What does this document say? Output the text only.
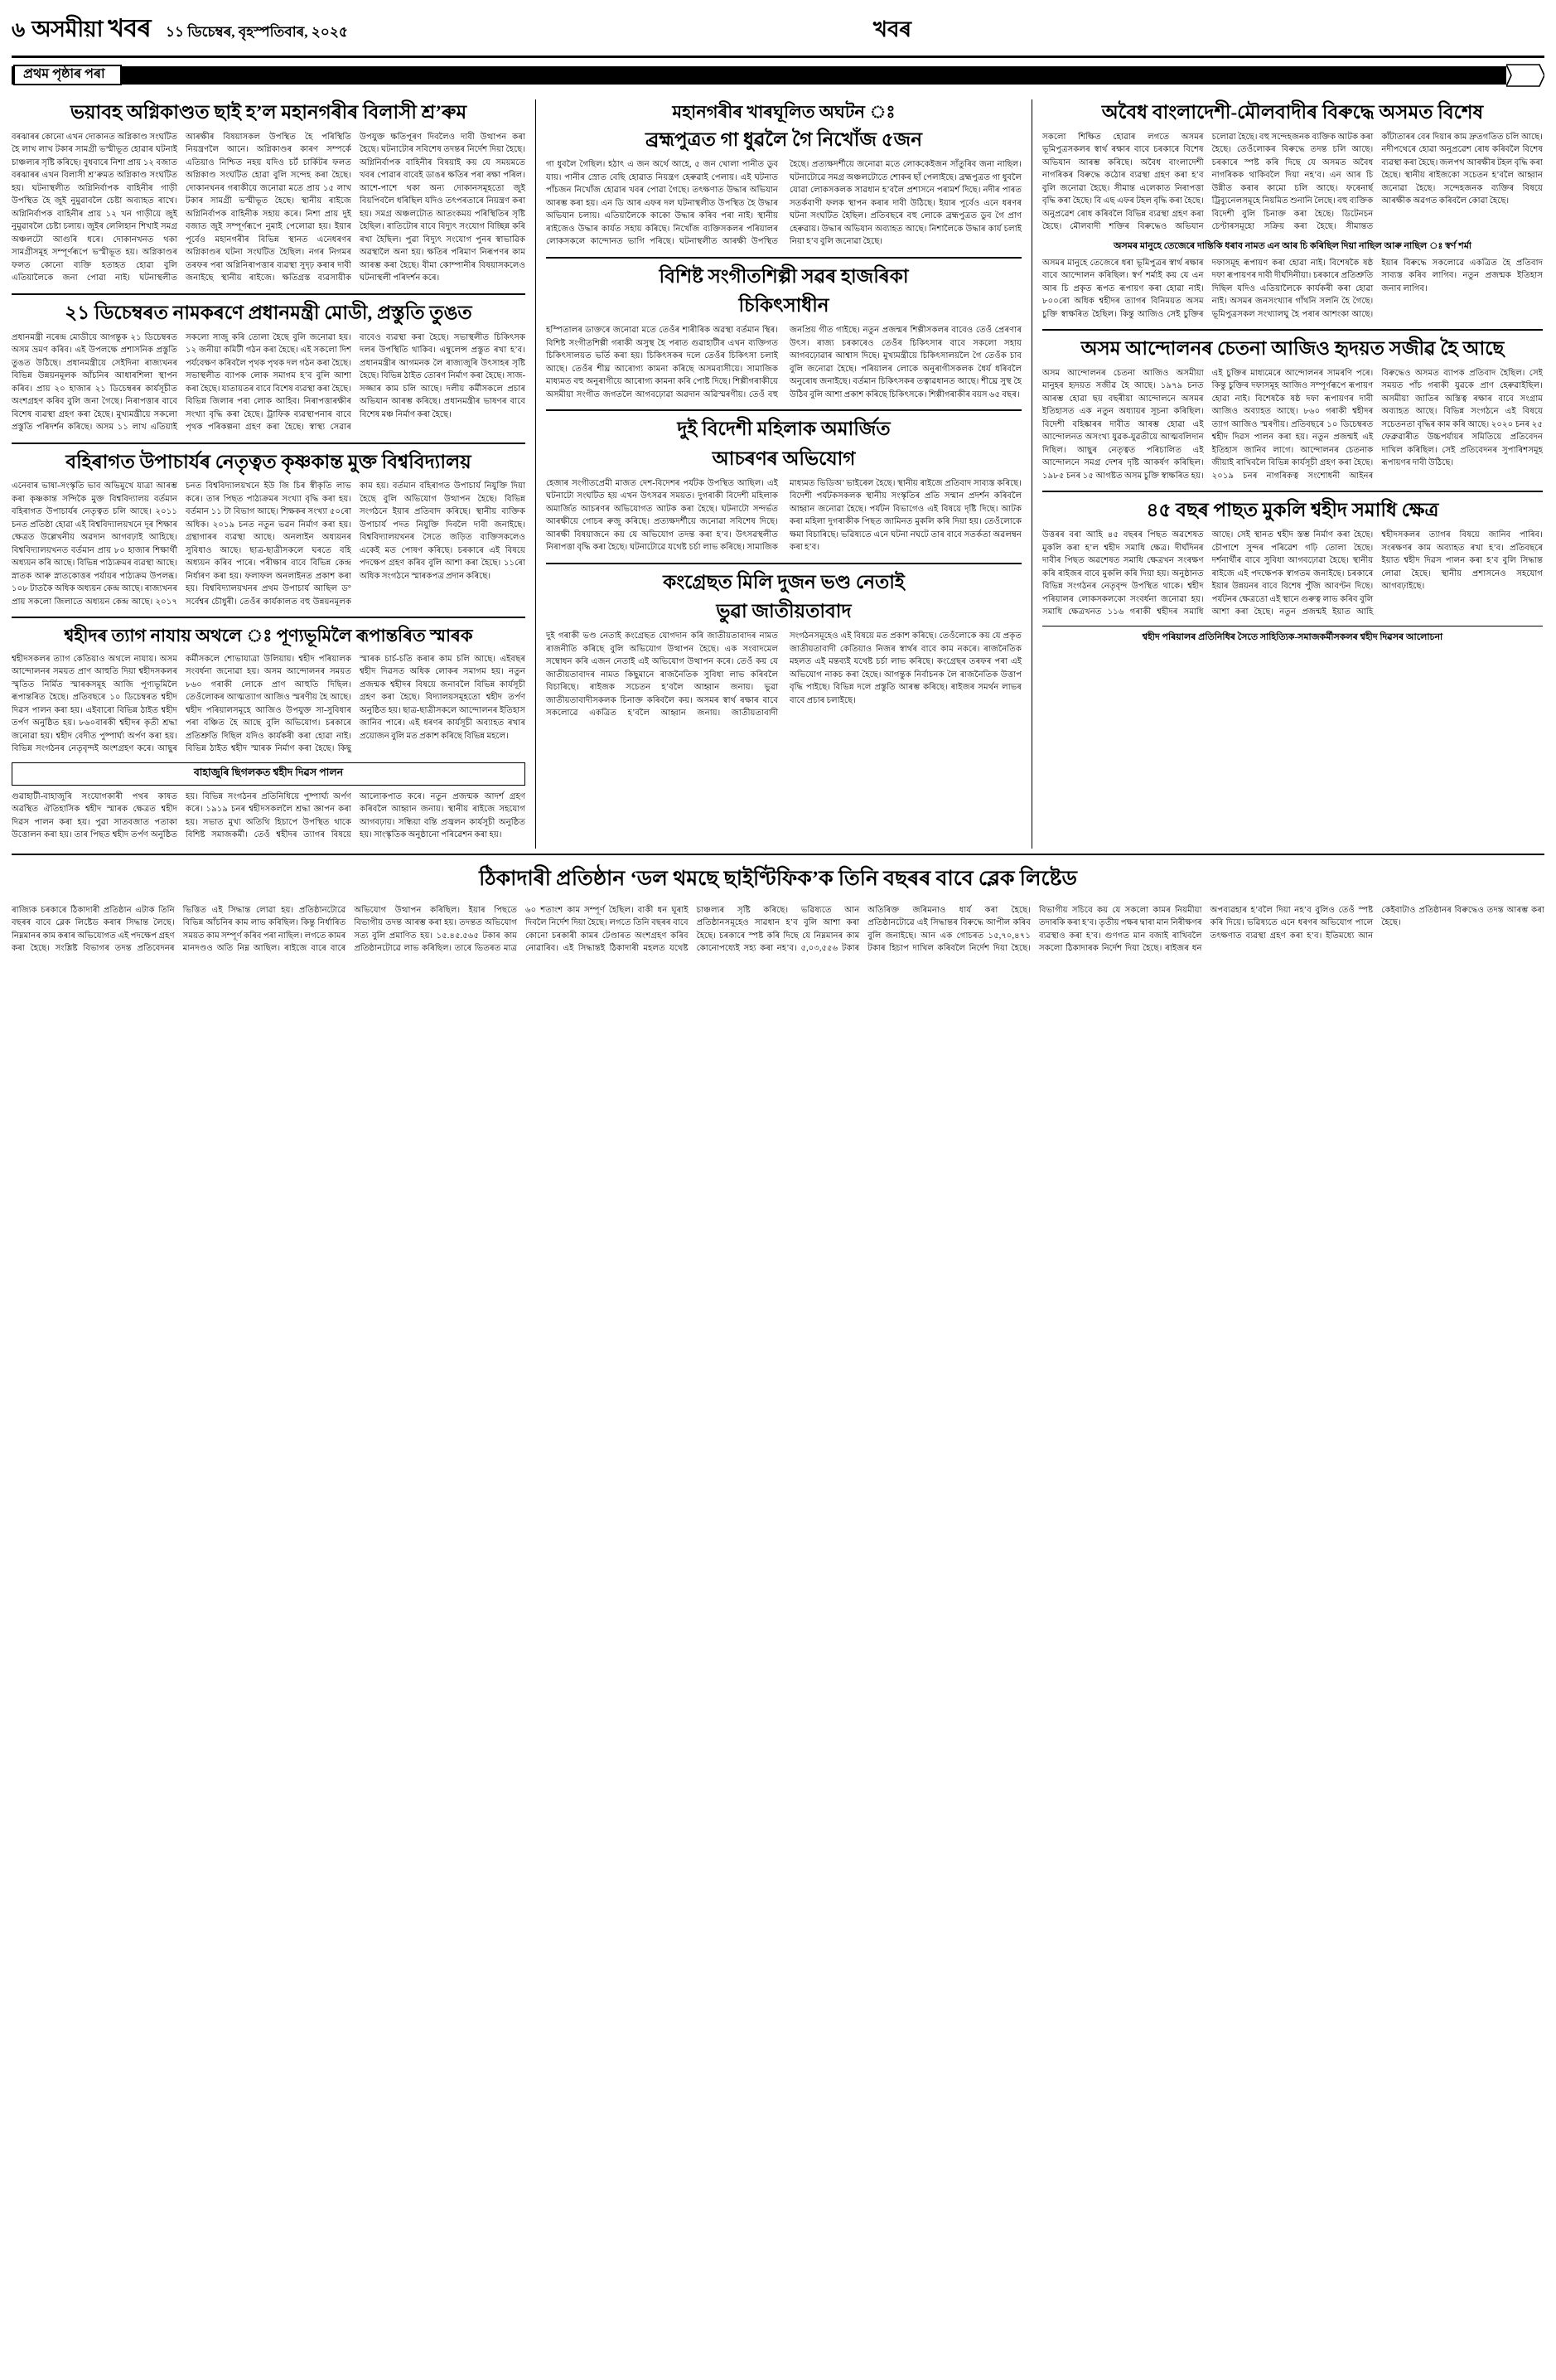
৬ অসমীয়া খবৰ ১১ ডিচেম্বৰ, বৃহস্পতিবাৰ, ২০২৫	খবৰ
প্ৰথম পৃষ্ঠাৰ পৰা
ভয়াবহ অগ্নিকাণ্ডত ছাই হ’ল মহানগৰীৰ বিলাসী শ্ৰ’ৰুম
বৰঝাৰৰ কোনো এখন দোকানত অগ্নিকাণ্ড সংঘটিত হৈ লাখ লাখ টকাৰ সামগ্ৰী ভস্মীভূত হোৱাৰ ঘটনাই চাঞ্চল্যৰ সৃষ্টি কৰিছে। বুধবাৰে নিশা প্ৰায় ১২ বজাত বৰঝাৰৰ এখন বিলাসী শ্ৰ’ৰুমত অগ্নিকাণ্ড সংঘটিত হয়। ঘটনাস্থলীত অগ্নিনিৰ্বাপক বাহিনীৰ গাড়ী উপস্থিত হৈ জুই নুমুৱাবলৈ চেষ্টা অব্যাহত ৰাখে। অগ্নিনিৰ্বাপক বাহিনীৰ প্ৰায় ১২ খন গাড়ীয়ে জুই নুমুৱাবলৈ চেষ্টা চলায়। জুইৰ লেলিহান শিখাই সমগ্ৰ অঞ্চলটো আগুৰি ধৰে। দোকানখনত থকা সামগ্ৰীসমূহ সম্পূৰ্ণৰূপে ভস্মীভূত হয়। অগ্নিকাণ্ডৰ ফলত কোনো ব্যক্তি হতাহত হোৱা বুলি এতিয়ালৈকে জনা পোৱা নাই। ঘটনাস্থলীত আৰক্ষীৰ বিষয়াসকল উপস্থিত হৈ পৰিস্থিতি নিয়ন্ত্ৰণলৈ আনে। অগ্নিকাণ্ডৰ কাৰণ সম্পৰ্কে এতিয়াও নিশ্চিত নহয় যদিও চৰ্ট চাৰ্কিটৰ ফলত অগ্নিকাণ্ড সংঘটিত হোৱা বুলি সন্দেহ কৰা হৈছে। দোকানখনৰ গৰাকীয়ে জনোৱা মতে প্ৰায় ১৫ লাখ টকাৰ সামগ্ৰী ভস্মীভূত হৈছে। স্থানীয় ৰাইজে অগ্নিনিৰ্বাপক বাহিনীক সহায় কৰে। নিশা প্ৰায় দুই বজাত জুই সম্পূৰ্ণৰূপে নুমাই পেলোৱা হয়। ইয়াৰ পূৰ্বেও মহানগৰীৰ বিভিন্ন স্থানত এনেধৰণৰ অগ্নিকাণ্ডৰ ঘটনা সংঘটিত হৈছিল। নগৰ নিগমৰ তৰফৰ পৰা অগ্নিনিৰাপত্তাৰ ব্যৱস্থা সুদৃঢ় কৰাৰ দাবী জনাইছে স্থানীয় ৰাইজে। ক্ষতিগ্ৰস্ত ব্যৱসায়ীক উপযুক্ত ক্ষতিপূৰণ দিবলৈও দাবী উত্থাপন কৰা হৈছে। ঘটনাটোৰ সবিশেষ তদন্তৰ নিৰ্দেশ দিয়া হৈছে। অগ্নিনিৰ্বাপক বাহিনীৰ বিষয়াই কয় যে সময়মতে খবৰ পোৱাৰ বাবেই ডাঙৰ ক্ষতিৰ পৰা ৰক্ষা পৰিল। আশে-পাশে থকা অন্য দোকানসমূহতো জুই বিয়পিবলৈ ধৰিছিল যদিও তৎপৰতাৰে নিয়ন্ত্ৰণ কৰা হয়। সমগ্ৰ অঞ্চলটোত আতংকময় পৰিস্থিতিৰ সৃষ্টি হৈছিল। ৰাতিটোৰ বাবে বিদ্যুৎ সংযোগ বিচ্ছিন্ন কৰি ৰখা হৈছিল। পুৱা বিদ্যুৎ সংযোগ পুনৰ স্বাভাৱিক অৱস্থালৈ অনা হয়। ক্ষতিৰ পৰিমাণ নিৰূপণৰ কাম আৰম্ভ কৰা হৈছে। বীমা কোম্পানীৰ বিষয়াসকলেও ঘটনাস্থলী পৰিদৰ্শন কৰে।
২১ ডিচেম্বৰত নামকৰণে প্ৰধানমন্ত্ৰী মোডী, প্ৰস্তুতি তুঙত
প্ৰধানমন্ত্ৰী নৰেন্দ্ৰ মোডীয়ে আগন্তুক ২১ ডিচেম্বৰত অসম ভ্ৰমণ কৰিব। এই উপলক্ষে প্ৰশাসনিক প্ৰস্তুতি তুঙত উঠিছে। প্ৰধানমন্ত্ৰীয়ে সেইদিনা ৰাজ্যখনৰ বিভিন্ন উন্নয়নমূলক আঁচনিৰ আধাৰশিলা স্থাপন কৰিব। প্ৰায় ২০ হাজাৰ ২১ ডিচেম্বৰৰ কাৰ্যসূচীত অংশগ্ৰহণ কৰিব বুলি জনা গৈছে। নিৰাপত্তাৰ বাবে বিশেষ ব্যৱস্থা গ্ৰহণ কৰা হৈছে। মুখ্যমন্ত্ৰীয়ে সকলো প্ৰস্তুতি পৰিদৰ্শন কৰিছে। অসম ১১ লাখ এতিয়াই সকলো সাজু কৰি তোলা হৈছে বুলি জনোৱা হয়। ১২ জনীয়া কমিটী গঠন কৰা হৈছে। এই সকলো দিশ পৰ্যবেক্ষণ কৰিবলৈ পৃথক পৃথক দল গঠন কৰা হৈছে। সভাস্থলীত ব্যাপক লোক সমাগম হ’ব বুলি আশা কৰা হৈছে। যাতায়তৰ বাবে বিশেষ ব্যৱস্থা কৰা হৈছে। বিভিন্ন জিলাৰ পৰা লোক আহিব। নিৰাপত্তাৰক্ষীৰ সংখ্যা বৃদ্ধি কৰা হৈছে। ট্ৰাফিক ব্যৱস্থাপনাৰ বাবে পৃথক পৰিকল্পনা গ্ৰহণ কৰা হৈছে। স্বাস্থ্য সেৱাৰ বাবেও ব্যৱস্থা কৰা হৈছে। সভাস্থলীত চিকিৎসক দলৰ উপস্থিতি থাকিব। এম্বুলেন্স প্ৰস্তুত ৰখা হ’ব। প্ৰধানমন্ত্ৰীৰ আগমনক লৈ ৰাজ্যজুৰি উৎসাহৰ সৃষ্টি হৈছে। বিভিন্ন ঠাইত তোৰণ নিৰ্মাণ কৰা হৈছে। সাজ-সজ্জাৰ কাম চলি আছে। দলীয় কৰ্মীসকলে প্ৰচাৰ অভিযান আৰম্ভ কৰিছে। প্ৰধানমন্ত্ৰীৰ ভাষণৰ বাবে বিশেষ মঞ্চ নিৰ্মাণ কৰা হৈছে।
বহিৰাগত উপাচাৰ্যৰ নেতৃত্বত কৃষ্ণকান্ত মুক্ত বিশ্ববিদ্যালয়
এনেবাৰ ভাষা-সংস্কৃতি ভাব অভিমুখে যাত্ৰা আৰম্ভ কৰা কৃষ্ণকান্ত সন্দিকৈ মুক্ত বিশ্ববিদ্যালয় বৰ্তমান বহিৰাগত উপাচাৰ্যৰ নেতৃত্বত চলি আছে। ২০১১ চনত প্ৰতিষ্ঠা হোৱা এই বিশ্ববিদ্যালয়খনে দূৰ শিক্ষাৰ ক্ষেত্ৰত উল্লেখনীয় অৱদান আগবঢ়াই আহিছে। বিশ্ববিদ্যালয়খনত বৰ্তমান প্ৰায় ৮০ হাজাৰ শিক্ষাৰ্থী অধ্যয়ন কৰি আছে। বিভিন্ন পাঠ্যক্ৰমৰ ব্যৱস্থা আছে। স্নাতক আৰু স্নাতকোত্তৰ পৰ্যায়ৰ পাঠ্যক্ৰম উপলব্ধ। ১০৮ টাতকৈ অধিক অধ্যয়ন কেন্দ্ৰ আছে। ৰাজ্যখনৰ প্ৰায় সকলো জিলাতে অধ্যয়ন কেন্দ্ৰ আছে। ২০১৭ চনত বিশ্ববিদ্যালয়খনে ইউ জি চিৰ স্বীকৃতি লাভ কৰে। তাৰ পিছত পাঠ্যক্ৰমৰ সংখ্যা বৃদ্ধি কৰা হয়। বৰ্তমান ১১ টা বিভাগ আছে। শিক্ষকৰ সংখ্যা ৫০ৰো অধিক। ২০১৯ চনত নতুন ভৱন নিৰ্মাণ কৰা হয়। গ্ৰন্থাগাৰৰ ব্যৱস্থা আছে। অনলাইন অধ্যয়নৰ সুবিধাও আছে। ছাত্ৰ-ছাত্ৰীসকলে ঘৰতে বহি অধ্যয়ন কৰিব পাৰে। পৰীক্ষাৰ বাবে বিভিন্ন কেন্দ্ৰ নিৰ্ধাৰণ কৰা হয়। ফলাফল অনলাইনত প্ৰকাশ কৰা হয়। বিশ্ববিদ্যালয়খনৰ প্ৰথম উপাচাৰ্য আছিল ড° সৰ্বেশ্বৰ চৌধুৰী। তেওঁৰ কাৰ্যকালত বহু উন্নয়নমূলক কাম হয়। বৰ্তমান বহিৰাগত উপাচাৰ্য নিযুক্তি দিয়া হৈছে বুলি অভিযোগ উত্থাপন হৈছে। বিভিন্ন সংগঠনে ইয়াৰ প্ৰতিবাদ কৰিছে। স্থানীয় ব্যক্তিক উপাচাৰ্য পদত নিযুক্তি দিবলৈ দাবী জনাইছে। বিশ্ববিদ্যালয়খনৰ সৈতে জড়িত ব্যক্তিসকলেও একেই মত পোষণ কৰিছে। চৰকাৰে এই বিষয়ে পদক্ষেপ গ্ৰহণ কৰিব বুলি আশা কৰা হৈছে। ১১ৰো অধিক সংগঠনে স্মাৰকপত্ৰ প্ৰদান কৰিছে।
শ্বহীদৰ ত্যাগ নাযায় অথলে ঃ পূণ্যভূমিলৈ ৰূপান্তৰিত স্মাৰক
শ্বহীদসকলৰ ত্যাগ কেতিয়াও অথলে নাযায়। অসম আন্দোলনৰ সময়ত প্ৰাণ আহুতি দিয়া শ্বহীদসকলৰ স্মৃতিত নিৰ্মিত স্মাৰকসমূহ আজি পূণ্যভূমিলৈ ৰূপান্তৰিত হৈছে। প্ৰতিবছৰে ১০ ডিচেম্বৰত শ্বহীদ দিৱস পালন কৰা হয়। এইবাৰো বিভিন্ন ঠাইত শ্বহীদ তৰ্পণ অনুষ্ঠিত হয়। ৮৬০বাৰকী শ্বহীদৰ কৃতী শ্ৰদ্ধা জনোৱা হয়। শ্বহীদ বেদীত পুষ্পাৰ্ঘ্য অৰ্পণ কৰা হয়। বিভিন্ন সংগঠনৰ নেতৃবৃন্দই অংশগ্ৰহণ কৰে। আছুৰ কৰ্মীসকলে শোভাযাত্ৰা উলিয়ায়। শ্বহীদ পৰিয়ালক সংবৰ্ধনা জনোৱা হয়। অসম আন্দোলনৰ সময়ত ৮৬০ গৰাকী লোকে প্ৰাণ আহুতি দিছিল। তেওঁলোকৰ আত্মত্যাগ আজিও স্মৰণীয় হৈ আছে। শ্বহীদ পৰিয়ালসমূহে আজিও উপযুক্ত সা-সুবিধাৰ পৰা বঞ্চিত হৈ আছে বুলি অভিযোগ। চৰকাৰে প্ৰতিশ্ৰুতি দিছিল যদিও কাৰ্যকৰী কৰা হোৱা নাই। বিভিন্ন ঠাইত শ্বহীদ স্মাৰক নিৰ্মাণ কৰা হৈছে। কিছু স্মাৰক চাৰ্চ-চতি কৰাৰ কাম চলি আছে। এইবছৰ শ্বহীদ দিৱসত অধিক লোকৰ সমাগম হয়। নতুন প্ৰজন্মক শ্বহীদৰ বিষয়ে জনাবলৈ বিভিন্ন কাৰ্যসূচী গ্ৰহণ কৰা হৈছে। বিদ্যালয়সমূহতো শ্বহীদ তৰ্পণ অনুষ্ঠিত হয়। ছাত্ৰ-ছাত্ৰীসকলে আন্দোলনৰ ইতিহাস জানিব পাৰে। এই ধৰণৰ কাৰ্যসূচী অব্যাহত ৰখাৰ প্ৰয়োজন বুলি মত প্ৰকাশ কৰিছে বিভিন্ন মহলে।
বাহাজুৰি ছিগলকত শ্বহীদ দিৱস পালন
গুৱাহাটী-বাহাজুৰি সংযোগকাৰী পথৰ কাষত অৱস্থিত ঐতিহাসিক শ্বহীদ স্মাৰক ক্ষেত্ৰত শ্বহীদ দিৱস পালন কৰা হয়। পুৱা সাতবজাত পতাকা উত্তোলন কৰা হয়। তাৰ পিছত শ্বহীদ তৰ্পণ অনুষ্ঠিত হয়। বিভিন্ন সংগঠনৰ প্ৰতিনিধিয়ে পুষ্পাৰ্ঘ্য অৰ্পণ কৰে। ১৯১৯ চনৰ শ্বহীদসকললৈ শ্ৰদ্ধা জ্ঞাপন কৰা হয়। সভাত মুখ্য অতিথি হিচাপে উপস্থিত থাকে বিশিষ্ট সমাজকৰ্মী। তেওঁ শ্বহীদৰ ত্যাগৰ বিষয়ে আলোকপাত কৰে। নতুন প্ৰজন্মক আদৰ্শ গ্ৰহণ কৰিবলৈ আহ্বান জনায়। স্থানীয় ৰাইজে সহযোগ আগবঢ়ায়। সন্ধিয়া বন্তি প্ৰজ্বলন কাৰ্যসূচী অনুষ্ঠিত হয়। সাংস্কৃতিক অনুষ্ঠানো পৰিৱেশন কৰা হয়।
মহানগৰীৰ খাৰঘূলিত অঘটন ঃ
ব্ৰহ্মপুত্ৰত গা ধুৱলৈ গৈ নিখোঁজ ৫জন
গা ধুবলৈ গৈছিল। হঠাৎ এ জন অৰ্থে আহে, ৫ জন খোলা পানীত ডুব যায়। পানীৰ স্ৰোত বেছি হোৱাত নিয়ন্ত্ৰণ হেৰুৱাই পেলায়। এই ঘটনাত পাঁচজন নিখোঁজ হোৱাৰ খবৰ পোৱা গৈছে। তৎক্ষণাত উদ্ধাৰ অভিযান আৰম্ভ কৰা হয়। এন ডি আৰ এফৰ দল ঘটনাস্থলীত উপস্থিত হৈ উদ্ধাৰ অভিযান চলায়। এতিয়ালৈকে কাকো উদ্ধাৰ কৰিব পৰা নাই। স্থানীয় ৰাইজেও উদ্ধাৰ কাৰ্যত সহায় কৰিছে। নিখোঁজ ব্যক্তিসকলৰ পৰিয়ালৰ লোকসকলে কান্দোনত ভাগি পৰিছে। ঘটনাস্থলীত আৰক্ষী উপস্থিত হৈছে। প্ৰত্যক্ষদৰ্শীয়ে জনোৱা মতে লোককেইজন সাঁতুৰিব জনা নাছিল। ঘটনাটোৱে সমগ্ৰ অঞ্চলটোতে শোকৰ ছাঁ পেলাইছে। ব্ৰহ্মপুত্ৰত গা ধুবলৈ যোৱা লোকসকলক সাৱধান হ’বলৈ প্ৰশাসনে পৰামৰ্শ দিছে। নদীৰ পাৰত সতৰ্কবাণী ফলক স্থাপন কৰাৰ দাবী উঠিছে। ইয়াৰ পূৰ্বেও এনে ধৰণৰ ঘটনা সংঘটিত হৈছিল। প্ৰতিবছৰে বহু লোকে ব্ৰহ্মপুত্ৰত ডুব গৈ প্ৰাণ হেৰুৱায়। উদ্ধাৰ অভিযান অব্যাহত আছে। নিশালৈকে উদ্ধাৰ কাৰ্য চলাই নিয়া হ’ব বুলি জনোৱা হৈছে।
বিশিষ্ট সংগীতশিল্পী সৱৰ হাজৰিকা
চিকিৎসাধীন
হস্পিতালৰ ডাক্তৰে জনোৱা মতে তেওঁৰ শাৰীৰিক অৱস্থা বৰ্তমান স্থিৰ। বিশিষ্ট সংগীতশিল্পী গৰাকী অসুস্থ হৈ পৰাত গুৱাহাটীৰ এখন ব্যক্তিগত চিকিৎসালয়ত ভৰ্তি কৰা হয়। চিকিৎসকৰ দলে তেওঁৰ চিকিৎসা চলাই আছে। তেওঁৰ শীঘ্ৰ আৰোগ্য কামনা কৰিছে অসমবাসীয়ে। সামাজিক মাধ্যমত বহু অনুৰাগীয়ে আৰোগ্য কামনা কৰি পোষ্ট দিছে। শিল্পীগৰাকীয়ে অসমীয়া সংগীত জগতলৈ আগবঢ়োৱা অৱদান অৱিস্মৰণীয়। তেওঁ বহু জনপ্ৰিয় গীত গাইছে। নতুন প্ৰজন্মৰ শিল্পীসকলৰ বাবেও তেওঁ প্ৰেৰণাৰ উৎস। ৰাজ্য চৰকাৰেও তেওঁৰ চিকিৎসাৰ বাবে সকলো সহায় আগবঢ়োৱাৰ আশ্বাস দিছে। মুখ্যমন্ত্ৰীয়ে চিকিৎসালয়লৈ গৈ তেওঁক চাব বুলি জনোৱা হৈছে। পৰিয়ালৰ লোকে অনুৰাগীসকলক ধৈৰ্য ধৰিবলৈ অনুৰোধ জনাইছে। বৰ্তমান চিকিৎসকৰ তত্বাৱধানত আছে। শীঘ্ৰে সুস্থ হৈ উঠিব বুলি আশা প্ৰকাশ কৰিছে চিকিৎসকে। শিল্পীগৰাকীৰ বয়স ৬৫ বছৰ।
দুই বিদেশী মহিলাক অমাৰ্জিত
আচৰণৰ অভিযোগ
হেজাৰ সংগীতপ্ৰেমী মাজত দেশ-বিদেশৰ পৰ্যটক উপস্থিত আছিল। এই ঘটনাটো সংঘটিত হয় এখন উৎসৱৰ সময়ত। দুগৰাকী বিদেশী মহিলাক অমাৰ্জিত আচৰণৰ অভিযোগত আটক কৰা হৈছে। ঘটনাটো সন্দৰ্ভত আৰক্ষীয়ে গোচৰ ৰুজু কৰিছে। প্ৰত্যক্ষদৰ্শীয়ে জনোৱা সবিশেষ দিছে। আৰক্ষী বিষয়াজনে কয় যে অভিযোগ তদন্ত কৰা হ’ব। উৎসৱস্থলীত নিৰাপত্তা বৃদ্ধি কৰা হৈছে। ঘটনাটোৱে যথেষ্ট চৰ্চা লাভ কৰিছে। সামাজিক মাধ্যমত ভিডিঅ’ ভাইৰেল হৈছে। স্থানীয় ৰাইজে প্ৰতিবাদ সাব্যস্ত কৰিছে। বিদেশী পৰ্যটকসকলক স্থানীয় সংস্কৃতিৰ প্ৰতি সন্মান প্ৰদৰ্শন কৰিবলৈ আহ্বান জনোৱা হৈছে। পৰ্যটন বিভাগেও এই বিষয়ে দৃষ্টি দিছে। আটক কৰা মহিলা দুগৰাকীক পিছত জামিনত মুকলি কৰি দিয়া হয়। তেওঁলোকে ক্ষমা বিচাৰিছে। ভৱিষ্যতে এনে ঘটনা নঘটে তাৰ বাবে সতৰ্কতা অৱলম্বন কৰা হ’ব।
কংগ্ৰেছত মিলি দুজন ভণ্ড নেতাই
ভুৱা জাতীয়তাবাদ
দুই গৰাকী ভণ্ড নেতাই কংগ্ৰেছত যোগদান কৰি জাতীয়তাবাদৰ নামত ৰাজনীতি কৰিছে বুলি অভিযোগ উত্থাপন হৈছে। এক সংবাদমেল সম্বোধন কৰি এজন নেতাই এই অভিযোগ উত্থাপন কৰে। তেওঁ কয় যে জাতীয়তাবাদৰ নামত কিছুমানে ৰাজনৈতিক সুবিধা লাভ কৰিবলৈ বিচাৰিছে। ৰাইজক সচেতন হ’বলৈ আহ্বান জনায়। ভুৱা জাতীয়তাবাদীসকলক চিনাক্ত কৰিবলৈ কয়। অসমৰ স্বাৰ্থ ৰক্ষাৰ বাবে সকলোৱে একত্ৰিত হ’বলৈ আহ্বান জনায়। জাতীয়তাবাদী সংগঠনসমূহেও এই বিষয়ে মত প্ৰকাশ কৰিছে। তেওঁলোকে কয় যে প্ৰকৃত জাতীয়তাবাদী কেতিয়াও নিজৰ স্বাৰ্থৰ বাবে কাম নকৰে। ৰাজনৈতিক মহলত এই মন্তব্যই যথেষ্ট চৰ্চা লাভ কৰিছে। কংগ্ৰেছৰ তৰফৰ পৰা এই অভিযোগ নাকচ কৰা হৈছে। আগন্তুক নিৰ্বাচনক লৈ ৰাজনৈতিক উত্তাপ বৃদ্ধি পাইছে। বিভিন্ন দলে প্ৰস্তুতি আৰম্ভ কৰিছে। ৰাইজৰ সমৰ্থন লাভৰ বাবে প্ৰচাৰ চলাইছে।
অবৈধ বাংলাদেশী-মৌলবাদীৰ বিৰুদ্ধে অসমত বিশেষ
সকলো শিক্ষিত হোৱাৰ লগতে অসমৰ ভূমিপুত্ৰসকলৰ স্বাৰ্থ ৰক্ষাৰ বাবে চৰকাৰে বিশেষ অভিযান আৰম্ভ কৰিছে। অবৈধ বাংলাদেশী নাগৰিকৰ বিৰুদ্ধে কঠোৰ ব্যৱস্থা গ্ৰহণ কৰা হ’ব বুলি জনোৱা হৈছে। সীমান্ত এলেকাত নিৰাপত্তা বৃদ্ধি কৰা হৈছে। বি এছ এফৰ টহল বৃদ্ধি কৰা হৈছে। অনুপ্ৰৱেশ ৰোধ কৰিবলৈ বিভিন্ন ব্যৱস্থা গ্ৰহণ কৰা হৈছে। মৌলবাদী শক্তিৰ বিৰুদ্ধেও অভিযান চলোৱা হৈছে। বহু সন্দেহজনক ব্যক্তিক আটক কৰা হৈছে। তেওঁলোকৰ বিৰুদ্ধে তদন্ত চলি আছে। চৰকাৰে স্পষ্ট কৰি দিছে যে অসমত অবৈধ নাগৰিকক থাকিবলৈ দিয়া নহ’ব। এন আৰ চি উন্নীত কৰাৰ কামো চলি আছে। ফৰেনাৰ্ছ ট্ৰিব্যুনেলসমূহে নিয়মিত শুনানি লৈছে। বহু ব্যক্তিক বিদেশী বুলি চিনাক্ত কৰা হৈছে। ডিটেনচন চেণ্টাৰসমূহো সক্ৰিয় কৰা হৈছে। সীমান্তত কাঁটাতাৰৰ বেৰ দিয়াৰ কাম দ্ৰুতগতিত চলি আছে। নদীপথেৰে হোৱা অনুপ্ৰৱেশ ৰোধ কৰিবলৈ বিশেষ ব্যৱস্থা কৰা হৈছে। জলপথ আৰক্ষীৰ টহল বৃদ্ধি কৰা হৈছে। স্থানীয় ৰাইজকো সচেতন হ’বলৈ আহ্বান জনোৱা হৈছে। সন্দেহজনক ব্যক্তিৰ বিষয়ে আৰক্ষীক অৱগত কৰিবলৈ কোৱা হৈছে।
অসমৰ মানুহে তেজেৰে দান্তিকি ধৰাব নামত এন আৰ চি কৰিছিল দিয়া নাছিল আৰু নাছিল ঃ স্বৰ্ণ শৰ্মা
অসমৰ মানুহে তেজেৰে ধৰা ভূমিপুত্ৰৰ স্বাৰ্থ ৰক্ষাৰ বাবে আন্দোলন কৰিছিল। স্বৰ্ণ শৰ্মাই কয় যে এন আৰ চি প্ৰকৃত ৰূপত ৰূপায়ণ কৰা হোৱা নাই। ৮০০ৰো অধিক শ্বহীদৰ ত্যাগৰ বিনিময়ত অসম চুক্তি স্বাক্ষৰিত হৈছিল। কিন্তু আজিও সেই চুক্তিৰ দফাসমূহ ৰূপায়ণ কৰা হোৱা নাই। বিশেষকৈ ষষ্ঠ দফা ৰূপায়ণৰ দাবী দীৰ্ঘদিনীয়া। চৰকাৰে প্ৰতিশ্ৰুতি দিছিল যদিও এতিয়ালৈকে কাৰ্যকৰী কৰা হোৱা নাই। অসমৰ জনসংখ্যাৰ গাঁথনি সলনি হৈ গৈছে। ভূমিপুত্ৰসকল সংখ্যালঘু হৈ পৰাৰ আশংকা আছে। ইয়াৰ বিৰুদ্ধে সকলোৱে একত্ৰিত হৈ প্ৰতিবাদ সাব্যস্ত কৰিব লাগিব। নতুন প্ৰজন্মক ইতিহাস জনাব লাগিব।
অসম আন্দোলনৰ চেতনা আজিও হৃদয়ত সজীৱ হৈ আছে
অসম আন্দোলনৰ চেতনা আজিও অসমীয়া মানুহৰ হৃদয়ত সজীৱ হৈ আছে। ১৯৭৯ চনত আৰম্ভ হোৱা ছয় বছৰীয়া আন্দোলনে অসমৰ ইতিহাসত এক নতুন অধ্যায়ৰ সূচনা কৰিছিল। বিদেশী বহিষ্কাৰৰ দাবীত আৰম্ভ হোৱা এই আন্দোলনত অসংখ্য যুৱক-যুৱতীয়ে আত্মবলিদান দিছিল। আছুৰ নেতৃত্বত পৰিচালিত এই আন্দোলনে সমগ্ৰ দেশৰ দৃষ্টি আকৰ্ষণ কৰিছিল। ১৯৮৫ চনৰ ১৫ আগষ্টত অসম চুক্তি স্বাক্ষৰিত হয়। এই চুক্তিৰ মাধ্যমেৰে আন্দোলনৰ সামৰণি পৰে। কিন্তু চুক্তিৰ দফাসমূহ আজিও সম্পূৰ্ণৰূপে ৰূপায়ণ হোৱা নাই। বিশেষকৈ ষষ্ঠ দফা ৰূপায়ণৰ দাবী আজিও অব্যাহত আছে। ৮৬০ গৰাকী শ্বহীদৰ ত্যাগ আজিও স্মৰণীয়। প্ৰতিবছৰে ১০ ডিচেম্বৰত শ্বহীদ দিৱস পালন কৰা হয়। নতুন প্ৰজন্মই এই ইতিহাস জানিব লাগে। আন্দোলনৰ চেতনাক জীয়াই ৰাখিবলৈ বিভিন্ন কাৰ্যসূচী গ্ৰহণ কৰা হৈছে। ২০১৯ চনৰ নাগৰিকত্ব সংশোধনী আইনৰ বিৰুদ্ধেও অসমত ব্যাপক প্ৰতিবাদ হৈছিল। সেই সময়ত পাঁচ গৰাকী যুৱকে প্ৰাণ হেৰুৱাইছিল। অসমীয়া জাতিৰ অস্তিত্ব ৰক্ষাৰ বাবে সংগ্ৰাম অব্যাহত আছে। বিভিন্ন সংগঠনে এই বিষয়ে সচেতনতা বৃদ্ধিৰ কাম কৰি আছে। ২০২০ চনৰ ২৫ ফেব্ৰুৱাৰীত উচ্চপৰ্যায়ৰ সমিতিয়ে প্ৰতিবেদন দাখিল কৰিছিল। সেই প্ৰতিবেদনৰ সুপাৰিশসমূহ ৰূপায়ণৰ দাবী উঠিছে।
৪৫ বছৰ পাছত মুকলি শ্বহীদ সমাধি ক্ষেত্ৰ
উত্তৰৰ বৰা আহি ৪৫ বছৰৰ পিছত অৱশেষত মুকলি কৰা হ’ল শ্বহীদ সমাধি ক্ষেত্ৰ। দীৰ্ঘদিনৰ দাবীৰ পিছত অৱশেষত সমাধি ক্ষেত্ৰখন সংৰক্ষণ কৰি ৰাইজৰ বাবে মুকলি কৰি দিয়া হয়। অনুষ্ঠানত বিভিন্ন সংগঠনৰ নেতৃবৃন্দ উপস্থিত থাকে। শ্বহীদ পৰিয়ালৰ লোকসকলকো সংবৰ্ধনা জনোৱা হয়। সমাধি ক্ষেত্ৰখনত ১১৬ গৰাকী শ্বহীদৰ সমাধি আছে। সেই স্থানত শ্বহীদ স্তম্ভ নিৰ্মাণ কৰা হৈছে। চৌপাশে সুন্দৰ পৰিৱেশ গঢ়ি তোলা হৈছে। দৰ্শনাৰ্থীৰ বাবে সুবিধা আগবঢ়োৱা হৈছে। স্থানীয় ৰাইজে এই পদক্ষেপক স্বাগতম জনাইছে। চৰকাৰে ইয়াৰ উন্নয়নৰ বাবে বিশেষ পুঁজি আবণ্টন দিছে। পৰ্যটনৰ ক্ষেত্ৰতো এই স্থানে গুৰুত্ব লাভ কৰিব বুলি আশা কৰা হৈছে। নতুন প্ৰজন্মই ইয়াত আহি শ্বহীদসকলৰ ত্যাগৰ বিষয়ে জানিব পাৰিব। সংৰক্ষণৰ কাম অব্যাহত ৰখা হ’ব। প্ৰতিবছৰে ইয়াত শ্বহীদ দিৱস পালন কৰা হ’ব বুলি সিদ্ধান্ত লোৱা হৈছে। স্থানীয় প্ৰশাসনেও সহযোগ আগবঢ়াইছে।
শ্বহীদ পৰিয়ালৰ প্ৰতিনিধিৰ সৈতে সাহিত্যিক-সমাজকৰ্মীসকলৰ শ্বহীদ দিৱসৰ আলোচনা
ঠিকাদাৰী প্ৰতিষ্ঠান ‘ডল থমছে ছাইণ্টিফিক’ক তিনি বছৰৰ বাবে ব্লেক লিষ্টেড
ৰাজ্যিক চৰকাৰে ঠিকাদাৰী প্ৰতিষ্ঠান এটাক তিনি বছৰৰ বাবে ব্লেক লিষ্টেড কৰাৰ সিদ্ধান্ত লৈছে। নিম্নমানৰ কাম কৰাৰ অভিযোগত এই পদক্ষেপ গ্ৰহণ কৰা হৈছে। সংশ্লিষ্ট বিভাগৰ তদন্ত প্ৰতিবেদনৰ ভিত্তিত এই সিদ্ধান্ত লোৱা হয়। প্ৰতিষ্ঠানটোৱে বিভিন্ন আঁচনিৰ কাম লাভ কৰিছিল। কিন্তু নিৰ্ধাৰিত সময়ত কাম সম্পূৰ্ণ কৰিব পৰা নাছিল। লগতে কামৰ মানদণ্ডও অতি নিম্ন আছিল। ৰাইজে বাৰে বাৰে অভিযোগ উত্থাপন কৰিছিল। ইয়াৰ পিছতে বিভাগীয় তদন্ত আৰম্ভ কৰা হয়। তদন্তত অভিযোগ সত্য বুলি প্ৰমাণিত হয়। ১৫.৪৫.৫৬৫ টকাৰ কাম প্ৰতিষ্ঠানটোৱে লাভ কৰিছিল। তাৰে ভিতৰত মাত্ৰ ৬০ শতাংশ কাম সম্পূৰ্ণ হৈছিল। বাকী ধন ঘূৰাই দিবলৈ নিৰ্দেশ দিয়া হৈছে। লগতে তিনি বছৰৰ বাবে কোনো চৰকাৰী কামৰ টেণ্ডাৰত অংশগ্ৰহণ কৰিব নোৱাৰিব। এই সিদ্ধান্তই ঠিকাদাৰী মহলত যথেষ্ট চাঞ্চল্যৰ সৃষ্টি কৰিছে। ভৱিষ্যতে আন প্ৰতিষ্ঠানসমূহেও সাৱধান হ’ব বুলি আশা কৰা হৈছে। চৰকাৰে স্পষ্ট কৰি দিছে যে নিম্নমানৰ কাম কোনোপধ্যেই সহ্য কৰা নহ’ব। ৫,০৩,৫৫৬ টকাৰ অতিৰিক্ত জৰিমনাও ধাৰ্য কৰা হৈছে। প্ৰতিষ্ঠানটোৱে এই সিদ্ধান্তৰ বিৰুদ্ধে আপীল কৰিব বুলি জনাইছে। আন এক গোচৰত ১৫,৭০,৪৭১ টকাৰ হিচাপ দাখিল কৰিবলৈ নিৰ্দেশ দিয়া হৈছে। বিভাগীয় সচিবে কয় যে সকলো কামৰ নিয়মীয়া তদাৰকি কৰা হ’ব। তৃতীয় পক্ষৰ দ্বাৰা মান নিৰীক্ষণৰ ব্যৱস্থাও কৰা হ’ব। গুণগত মান বজাই ৰাখিবলৈ সকলো ঠিকাদাৰক নিৰ্দেশ দিয়া হৈছে। ৰাইজৰ ধন অপব্যৱহাৰ হ’বলৈ দিয়া নহ’ব বুলিও তেওঁ স্পষ্ট কৰি দিয়ে। ভৱিষ্যতে এনে ধৰণৰ অভিযোগ পালে তৎক্ষণাত ব্যৱস্থা গ্ৰহণ কৰা হ’ব। ইতিমধ্যে আন কেইবাটাও প্ৰতিষ্ঠানৰ বিৰুদ্ধেও তদন্ত আৰম্ভ কৰা হৈছে।
